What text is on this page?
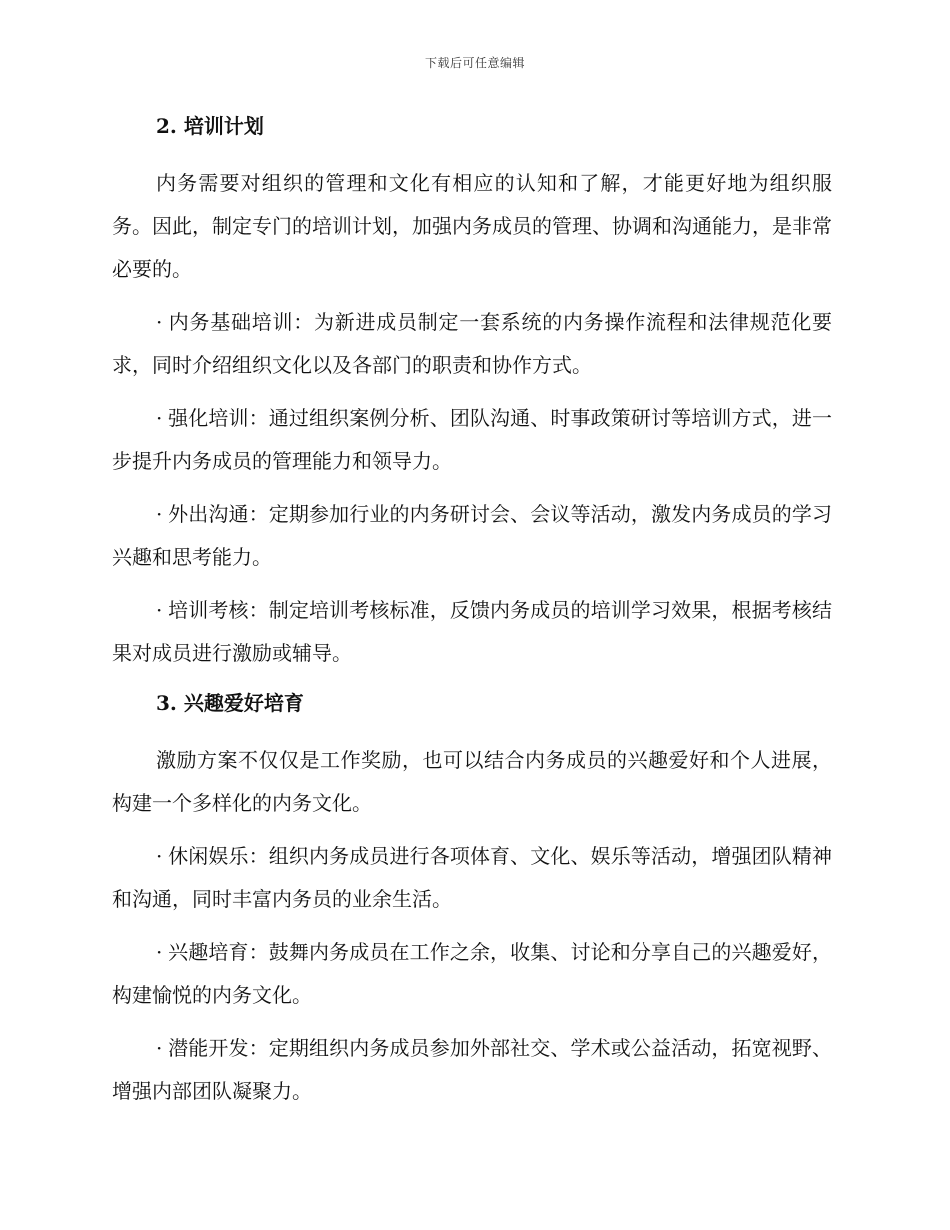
下载后可任意编辑
2. 培训计划

内务需要对组织的管理和文化有相应的认知和了解，才能更好地为组织服务。因此，制定专门的培训计划，加强内务成员的管理、协调和沟通能力，是非常必要的。

· 内务基础培训：为新进成员制定一套系统的内务操作流程和法律规范化要求，同时介绍组织文化以及各部门的职责和协作方式。

· 强化培训：通过组织案例分析、团队沟通、时事政策研讨等培训方式，进一步提升内务成员的管理能力和领导力。

· 外出沟通：定期参加行业的内务研讨会、会议等活动，激发内务成员的学习兴趣和思考能力。

· 培训考核：制定培训考核标准，反馈内务成员的培训学习效果，根据考核结果对成员进行激励或辅导。

3. 兴趣爱好培育

激励方案不仅仅是工作奖励，也可以结合内务成员的兴趣爱好和个人进展，构建一个多样化的内务文化。

· 休闲娱乐：组织内务成员进行各项体育、文化、娱乐等活动，增强团队精神和沟通，同时丰富内务员的业余生活。

· 兴趣培育：鼓舞内务成员在工作之余，收集、讨论和分享自己的兴趣爱好，构建愉悦的内务文化。

· 潜能开发：定期组织内务成员参加外部社交、学术或公益活动，拓宽视野、增强内部团队凝聚力。
